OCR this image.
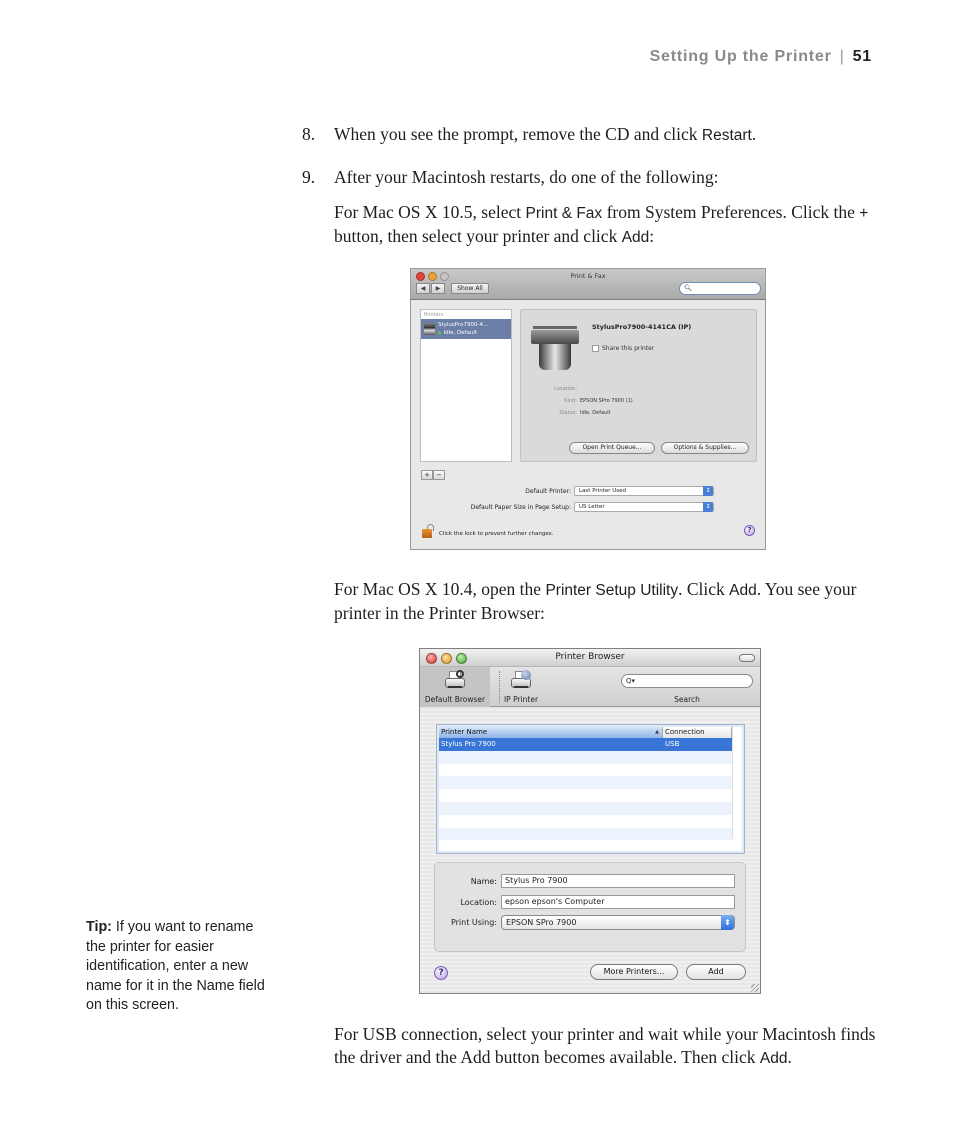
Setting Up the Printer | 51
8. When you see the prompt, remove the CD and click Restart.
9. After your Macintosh restarts, do one of the following:
For Mac OS X 10.5, select Print & Fax from System Preferences. Click the + button, then select your printer and click Add:
Print & Fax
◀	▶	Show All	🔍︎
Printers
StylusPro7900-4...
● Idle, Default
StylusPro7900-4141CA (IP)
Share this printer
Location:
Kind: EPSON SPro 7900 (1)
Status: Idle, Default
Open Print Queue...	Options & Supplies...
+ −
Default Printer:	Last Printer Used ↕
Default Paper Size in Page Setup:	US Letter ↕
Click the lock to prevent further changes.	?
For Mac OS X 10.4, open the Printer Setup Utility. Click Add. You see your printer in the Printer Browser:
Printer Browser
Default Browser	IP Printer
Q▾
Search
Printer Name ▲	Connection
Stylus Pro 7900	USB
Name:	Stylus Pro 7900
Location:	epson epson's Computer
Print Using:	EPSON SPro 7900 ⬍
?	More Printers...	Add
Tip: If you want to rename the printer for easier identification, enter a new name for it in the Name field on this screen.
For USB connection, select your printer and wait while your Macintosh finds the driver and the Add button becomes available. Then click Add.
